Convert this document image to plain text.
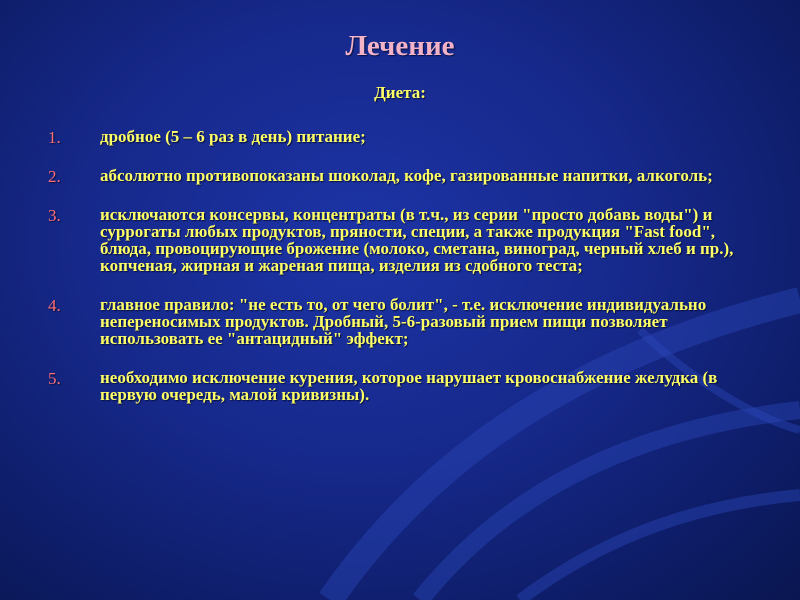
Лечение
Диета:
1.	дробное (5 – 6 раз в день) питание;
2.	абсолютно противопоказаны шоколад, кофе, газированные напитки, алкоголь;
3.	исключаются консервы, концентраты (в т.ч., из серии "просто добавь воды") и суррогаты любых продуктов, пряности, специи, а также продукция "Fast food", блюда, провоцирующие брожение (молоко, сметана, виноград, черный хлеб и пр.), копченая, жирная и жареная пища, изделия из сдобного теста;
4.	главное правило: "не есть то, от чего болит", - т.е. исключение индивидуально непереносимых продуктов. Дробный, 5-6-разовый прием пищи позволяет использовать ее "антацидный" эффект;
5.	необходимо исключение курения, которое нарушает кровоснабжение желудка (в первую очередь, малой кривизны).
